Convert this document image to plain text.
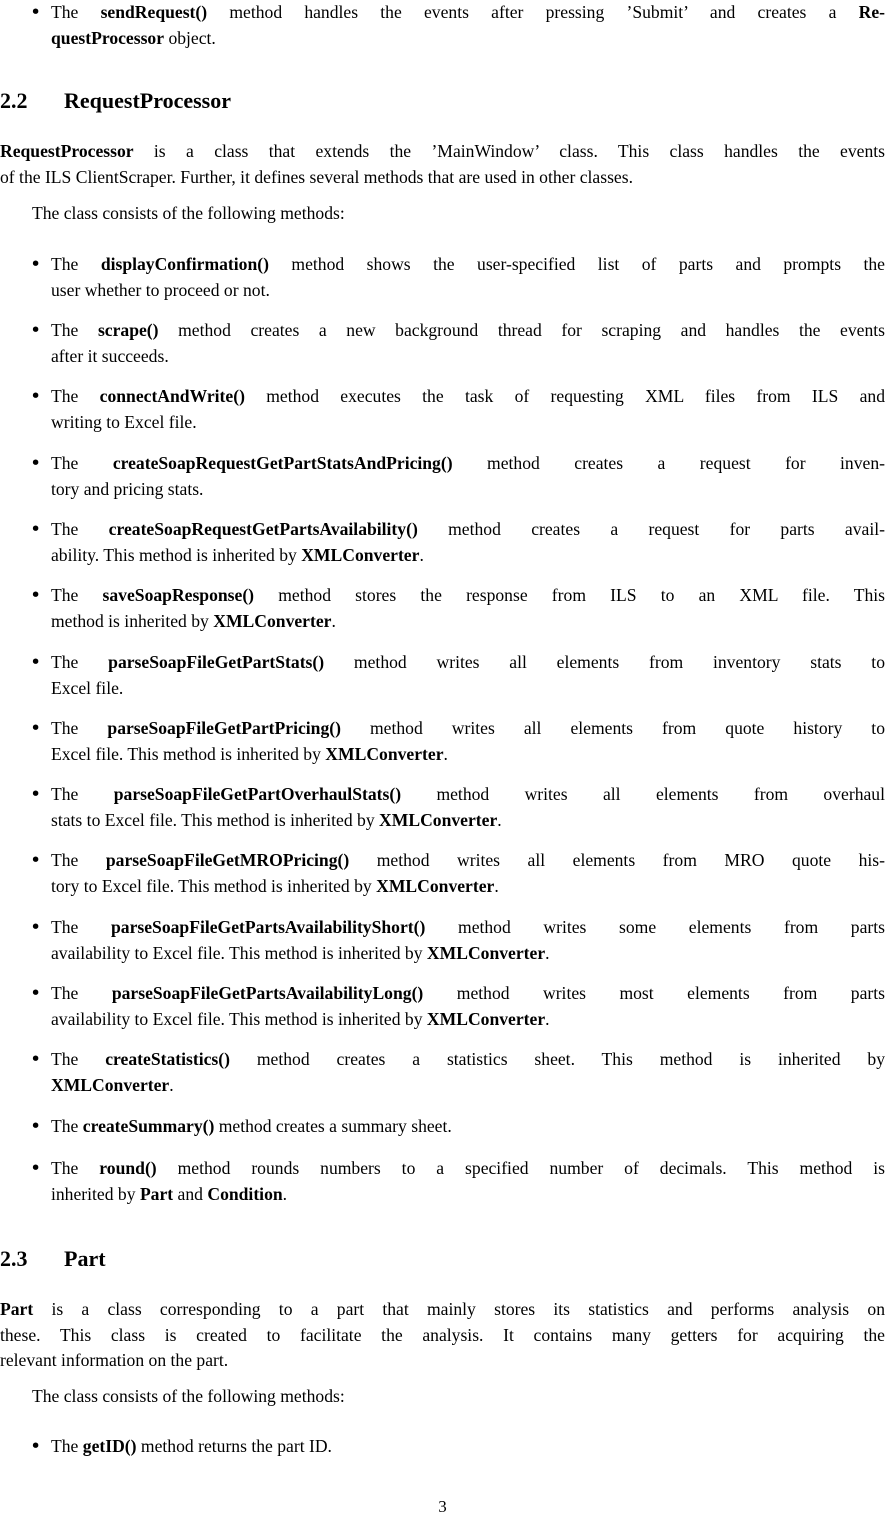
• The sendRequest() method handles the events after pressing ’Submit’ and creates a Re-
questProcessor object.
2.2 RequestProcessor
RequestProcessor is a class that extends the ’MainWindow’ class. This class handles the events
of the ILS ClientScraper. Further, it defines several methods that are used in other classes.
The class consists of the following methods:
• The displayConfirmation() method shows the user-specified list of parts and prompts the
user whether to proceed or not.
• The scrape() method creates a new background thread for scraping and handles the events
after it succeeds.
• The connectAndWrite() method executes the task of requesting XML files from ILS and
writing to Excel file.
• The createSoapRequestGetPartStatsAndPricing() method creates a request for inven-
tory and pricing stats.
• The createSoapRequestGetPartsAvailability() method creates a request for parts avail-
ability. This method is inherited by XMLConverter.
• The saveSoapResponse() method stores the response from ILS to an XML file. This
method is inherited by XMLConverter.
• The parseSoapFileGetPartStats() method writes all elements from inventory stats to
Excel file.
• The parseSoapFileGetPartPricing() method writes all elements from quote history to
Excel file. This method is inherited by XMLConverter.
• The parseSoapFileGetPartOverhaulStats() method writes all elements from overhaul
stats to Excel file. This method is inherited by XMLConverter.
• The parseSoapFileGetMROPricing() method writes all elements from MRO quote his-
tory to Excel file. This method is inherited by XMLConverter.
• The parseSoapFileGetPartsAvailabilityShort() method writes some elements from parts
availability to Excel file. This method is inherited by XMLConverter.
• The parseSoapFileGetPartsAvailabilityLong() method writes most elements from parts
availability to Excel file. This method is inherited by XMLConverter.
• The createStatistics() method creates a statistics sheet. This method is inherited by
XMLConverter.
• The createSummary() method creates a summary sheet.
• The round() method rounds numbers to a specified number of decimals. This method is
inherited by Part and Condition.
2.3 Part
Part is a class corresponding to a part that mainly stores its statistics and performs analysis on
these. This class is created to facilitate the analysis. It contains many getters for acquiring the
relevant information on the part.
The class consists of the following methods:
• The getID() method returns the part ID.
3
